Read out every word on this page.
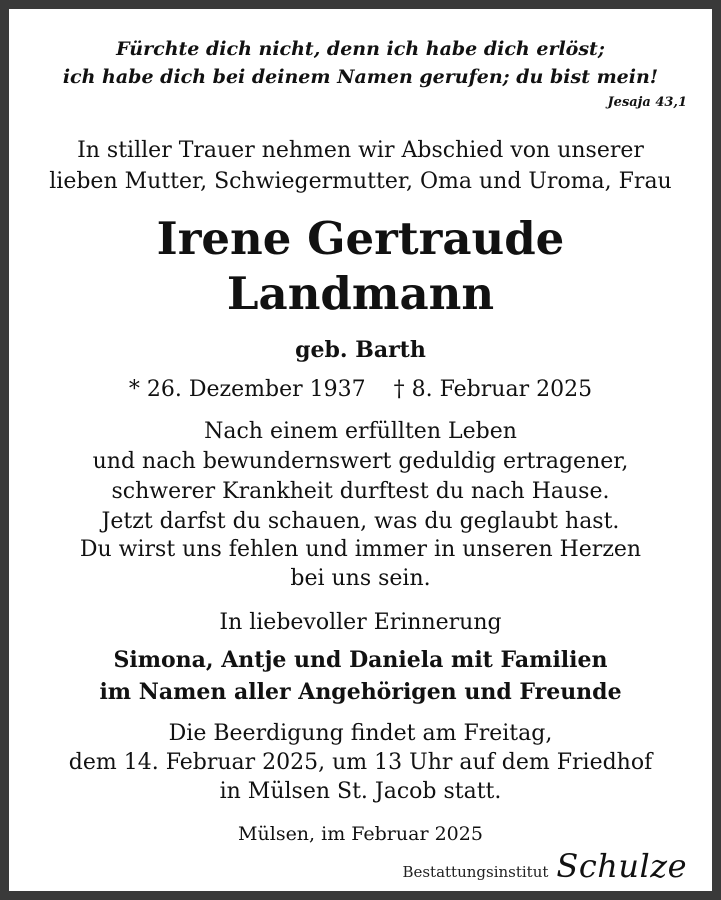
Fürchte dich nicht, denn ich habe dich erlöst;
ich habe dich bei deinem Namen gerufen; du bist mein!
Jesaja 43,1
In stiller Trauer nehmen wir Abschied von unserer
lieben Mutter, Schwiegermutter, Oma und Uroma, Frau
Irene Gertraude
Landmann
geb. Barth
* 26. Dezember 1937 † 8. Februar 2025
Nach einem erfüllten Leben
und nach bewundernswert geduldig ertragener,
schwerer Krankheit durftest du nach Hause.
Jetzt darfst du schauen, was du geglaubt hast.
Du wirst uns fehlen und immer in unseren Herzen
bei uns sein.
In liebevoller Erinnerung
Simona, Antje und Daniela mit Familien
im Namen aller Angehörigen und Freunde
Die Beerdigung findet am Freitag,
dem 14. Februar 2025, um 13 Uhr auf dem Friedhof
in Mülsen St. Jacob statt.
Mülsen, im Februar 2025
Bestattungsinstitut Schulze
